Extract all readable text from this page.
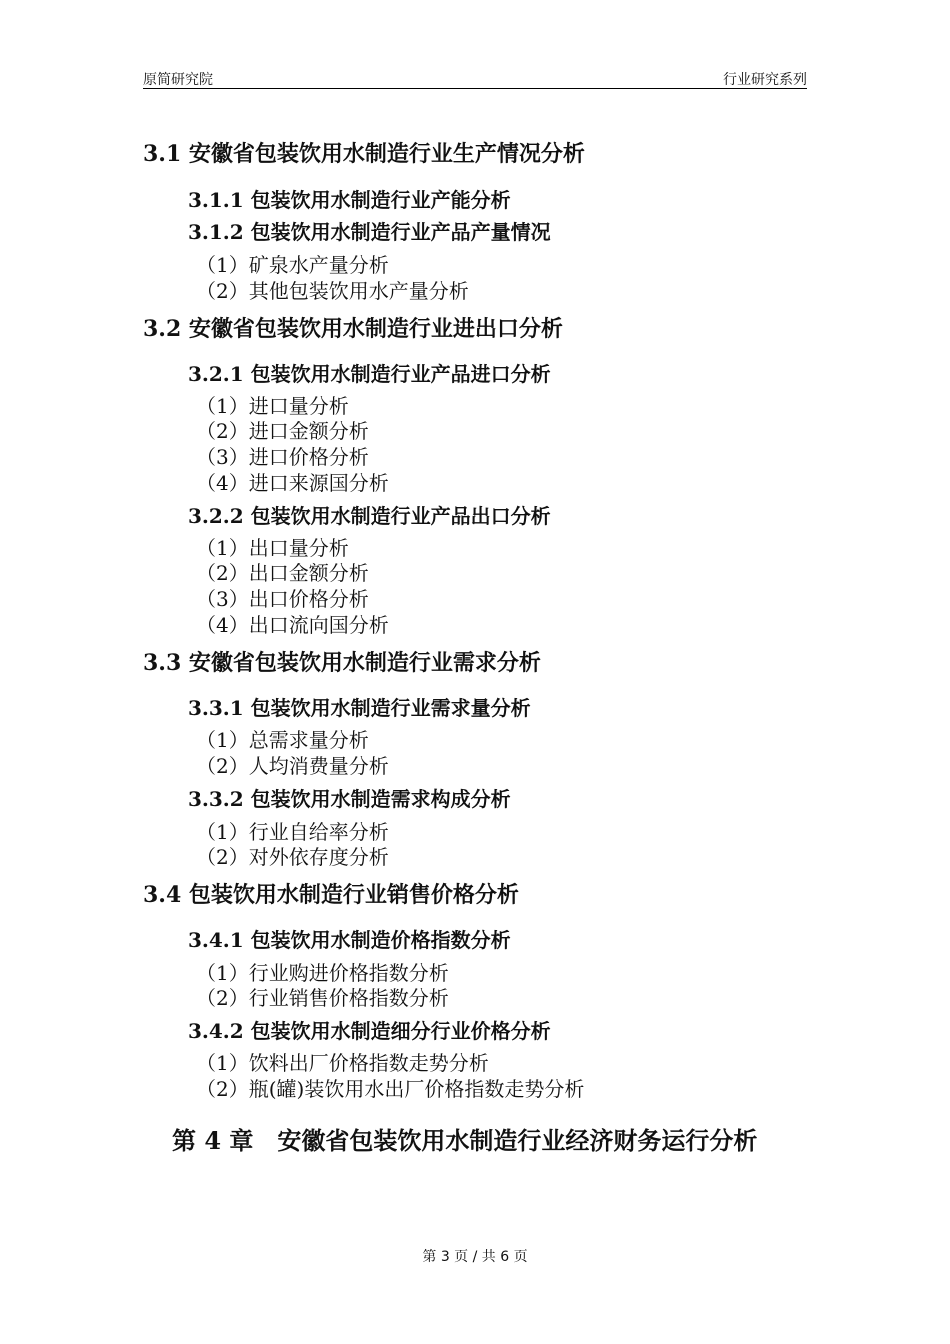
原简研究院	行业研究系列
3.1 安徽省包装饮用水制造行业生产情况分析
3.1.1 包装饮用水制造行业产能分析
3.1.2 包装饮用水制造行业产品产量情况
（1）矿泉水产量分析
（2）其他包装饮用水产量分析
3.2 安徽省包装饮用水制造行业进出口分析
3.2.1 包装饮用水制造行业产品进口分析
（1）进口量分析
（2）进口金额分析
（3）进口价格分析
（4）进口来源国分析
3.2.2 包装饮用水制造行业产品出口分析
（1）出口量分析
（2）出口金额分析
（3）出口价格分析
（4）出口流向国分析
3.3 安徽省包装饮用水制造行业需求分析
3.3.1 包装饮用水制造行业需求量分析
（1）总需求量分析
（2）人均消费量分析
3.3.2 包装饮用水制造需求构成分析
（1）行业自给率分析
（2）对外依存度分析
3.4 包装饮用水制造行业销售价格分析
3.4.1 包装饮用水制造价格指数分析
（1）行业购进价格指数分析
（2）行业销售价格指数分析
3.4.2 包装饮用水制造细分行业价格分析
（1）饮料出厂价格指数走势分析
（2）瓶(罐)装饮用水出厂价格指数走势分析
第 4 章　安徽省包装饮用水制造行业经济财务运行分析
第 3 页 / 共 6 页
